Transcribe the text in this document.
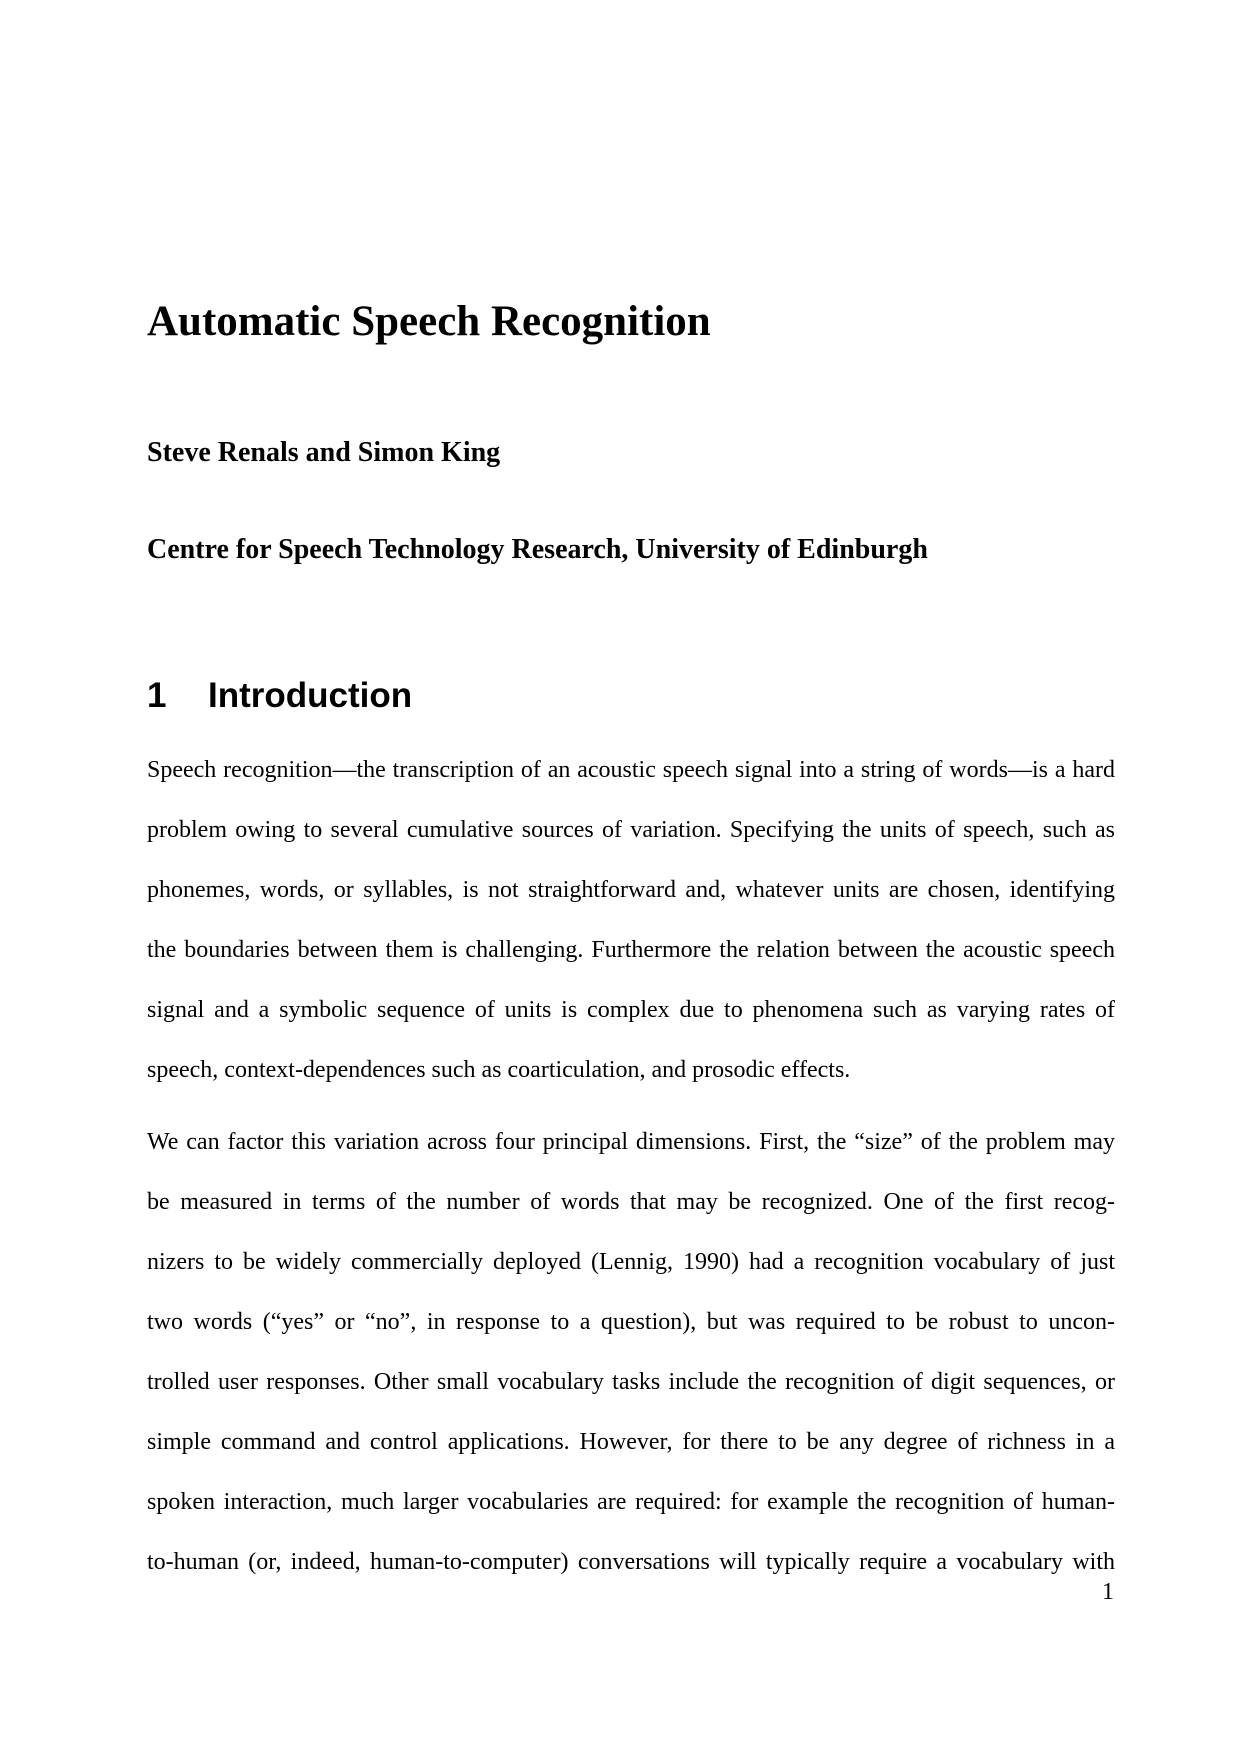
Automatic Speech Recognition
Steve Renals and Simon King
Centre for Speech Technology Research, University of Edinburgh
1 Introduction

Speech recognition—the transcription of an acoustic speech signal into a string of words—is a hard
problem owing to several cumulative sources of variation. Specifying the units of speech, such as
phonemes, words, or syllables, is not straightforward and, whatever units are chosen, identifying
the boundaries between them is challenging. Furthermore the relation between the acoustic speech
signal and a symbolic sequence of units is complex due to phenomena such as varying rates of
speech, context-dependences such as coarticulation, and prosodic effects.

We can factor this variation across four principal dimensions. First, the “size” of the problem may
be measured in terms of the number of words that may be recognized. One of the first recog-
nizers to be widely commercially deployed (Lennig, 1990) had a recognition vocabulary of just
two words (“yes” or “no”, in response to a question), but was required to be robust to uncon-
trolled user responses. Other small vocabulary tasks include the recognition of digit sequences, or
simple command and control applications. However, for there to be any degree of richness in a
spoken interaction, much larger vocabularies are required: for example the recognition of human-
to-human (or, indeed, human-to-computer) conversations will typically require a vocabulary with

1
